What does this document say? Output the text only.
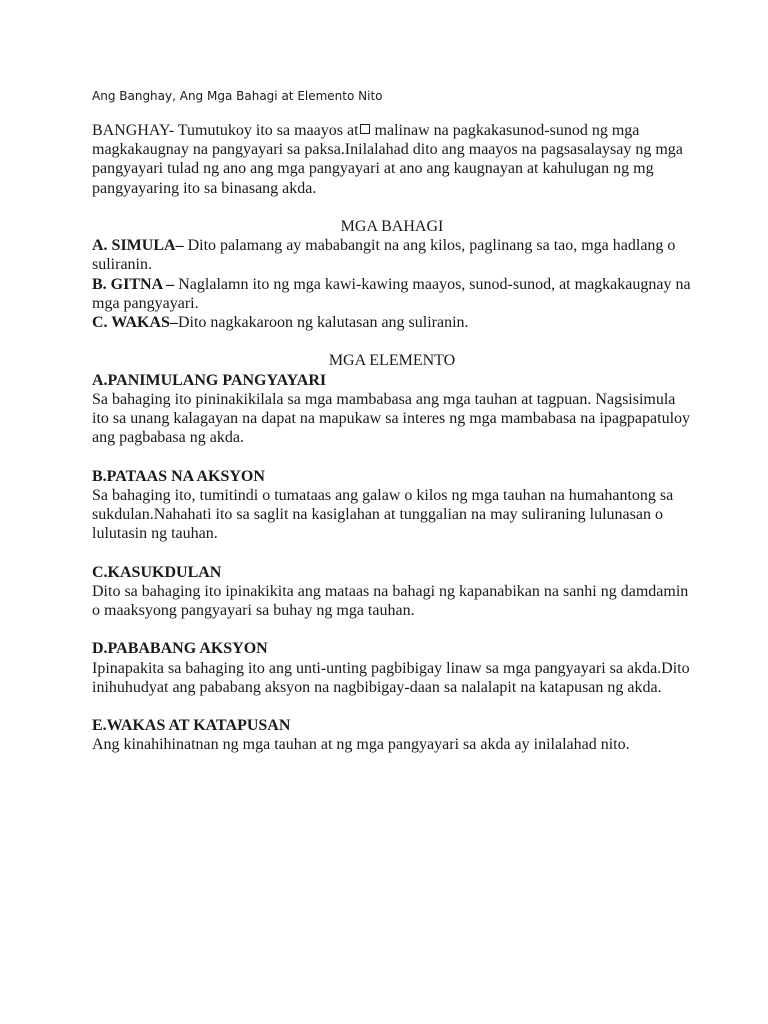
Ang Banghay, Ang Mga Bahagi at Elemento Nito

BANGHAY- Tumutukoy ito sa maayos at malinaw na pagkakasunod-sunod ng mga magkakaugnay na pangyayari sa paksa.Inilalahad dito ang maayos na pagsasalaysay ng mga pangyayari tulad ng ano ang mga pangyayari at ano ang kaugnayan at kahulugan ng mg pangyayaring ito sa binasang akda.

MGA BAHAGI

A. SIMULA– Dito palamang ay mababangit na ang kilos, paglinang sa tao, mga hadlang o suliranin.

B. GITNA – Naglalamn ito ng mga kawi-kawing maayos, sunod-sunod, at magkakaugnay na mga pangyayari.

C. WAKAS–Dito nagkakaroon ng kalutasan ang suliranin.

MGA ELEMENTO

A.PANIMULANG PANGYAYARI

Sa bahaging ito pininakikilala sa mga mambabasa ang mga tauhan at tagpuan. Nagsisimula ito sa unang kalagayan na dapat na mapukaw sa interes ng mga mambabasa na ipagpapatuloy ang pagbabasa ng akda.

B.PATAAS NA AKSYON

Sa bahaging ito, tumitindi o tumataas ang galaw o kilos ng mga tauhan na humahantong sa sukdulan.Nahahati ito sa saglit na kasiglahan at tunggalian na may suliraning lulunasan o lulutasin ng tauhan.

C.KASUKDULAN

Dito sa bahaging ito ipinakikita ang mataas na bahagi ng kapanabikan na sanhi ng damdamin o maaksyong pangyayari sa buhay ng mga tauhan.

D.PABABANG AKSYON

Ipinapakita sa bahaging ito ang unti-unting pagbibigay linaw sa mga pangyayari sa akda.Dito inihuhudyat ang pababang aksyon na nagbibigay-daan sa nalalapit na katapusan ng akda.

E.WAKAS AT KATAPUSAN

Ang kinahihinatnan ng mga tauhan at ng mga pangyayari sa akda ay inilalahad nito.
